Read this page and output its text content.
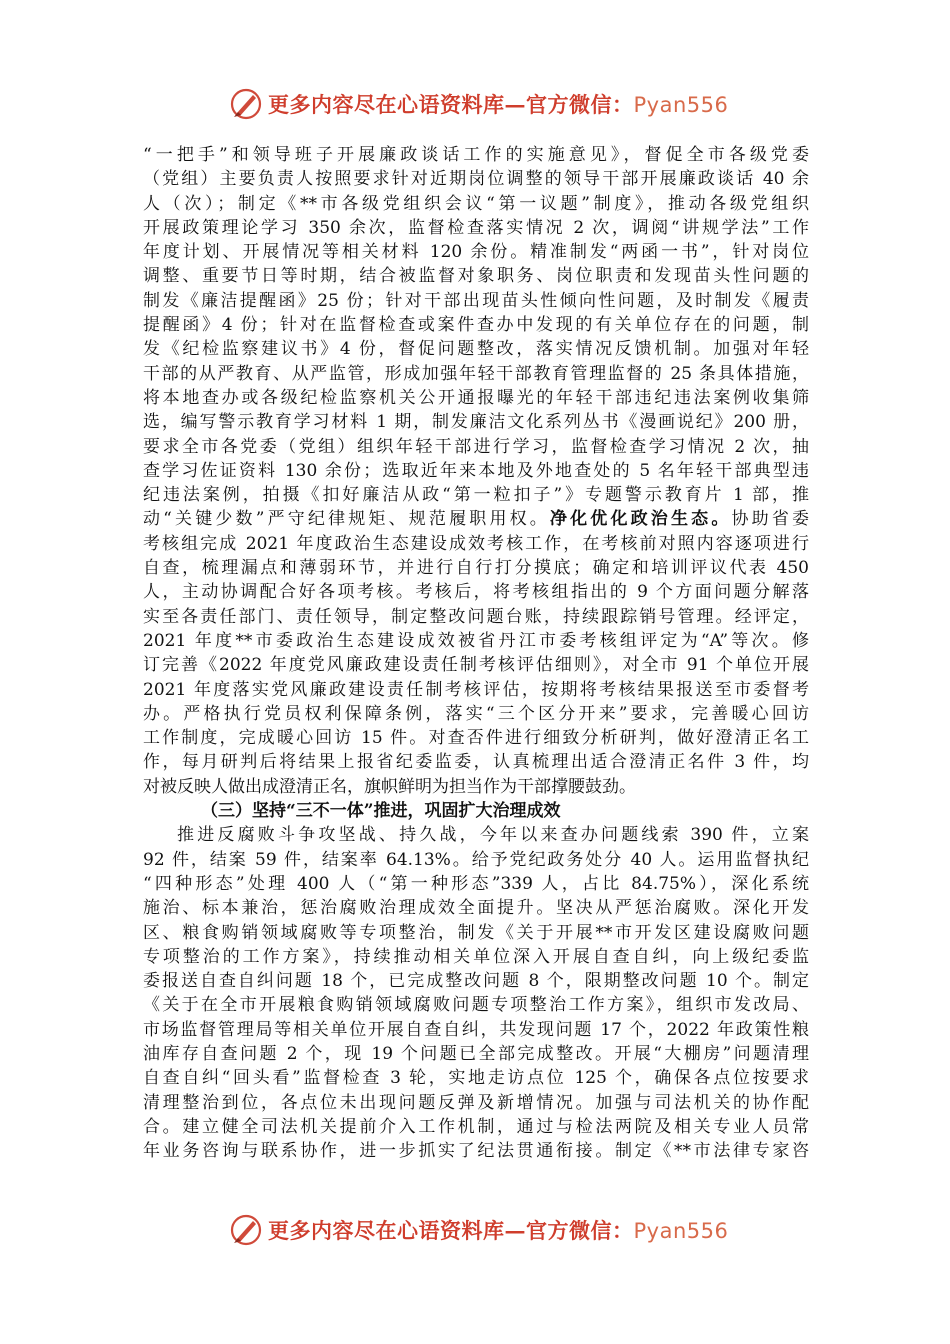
更多内容尽在心语资料库—官方微信：Pyan556
“一把手”和领导班子开展廉政谈话工作的实施意见》，督促全市各级党委
（党组）主要负责人按照要求针对近期岗位调整的领导干部开展廉政谈话 40 余
人（次）；制定《**市各级党组织会议“第一议题”制度》，推动各级党组织
开展政策理论学习 350 余次，监督检查落实情况 2 次，调阅“讲规学法”工作
年度计划、开展情况等相关材料 120 余份。精准制发“两函一书”，针对岗位
调整、重要节日等时期，结合被监督对象职务、岗位职责和发现苗头性问题的
制发《廉洁提醒函》25 份；针对干部出现苗头性倾向性问题，及时制发《履责
提醒函》4 份；针对在监督检查或案件查办中发现的有关单位存在的问题，制
发《纪检监察建议书》4 份，督促问题整改，落实情况反馈机制。加强对年轻
干部的从严教育、从严监管，形成加强年轻干部教育管理监督的 25 条具体措施，
将本地查办或各级纪检监察机关公开通报曝光的年轻干部违纪违法案例收集筛
选，编写警示教育学习材料 1 期，制发廉洁文化系列丛书《漫画说纪》200 册，
要求全市各党委（党组）组织年轻干部进行学习，监督检查学习情况 2 次，抽
查学习佐证资料 130 余份；选取近年来本地及外地查处的 5 名年轻干部典型违
纪违法案例，拍摄《扣好廉洁从政“第一粒扣子”》专题警示教育片 1 部，推
动“关键少数”严守纪律规矩、规范履职用权。净化优化政治生态。协助省委
考核组完成 2021 年度政治生态建设成效考核工作，在考核前对照内容逐项进行
自查，梳理漏点和薄弱环节，并进行自行打分摸底；确定和培训评议代表 450
人，主动协调配合好各项考核。考核后，将考核组指出的 9 个方面问题分解落
实至各责任部门、责任领导，制定整改问题台账，持续跟踪销号管理。经评定，
2021 年度**市委政治生态建设成效被省丹江市委考核组评定为“A”等次。修
订完善《2022 年度党风廉政建设责任制考核评估细则》，对全市 91 个单位开展
2021 年度落实党风廉政建设责任制考核评估，按期将考核结果报送至市委督考
办。严格执行党员权利保障条例，落实“三个区分开来”要求，完善暖心回访
工作制度，完成暖心回访 15 件。对查否件进行细致分析研判，做好澄清正名工
作，每月研判后将结果上报省纪委监委，认真梳理出适合澄清正名件 3 件，均
对被反映人做出成澄清正名，旗帜鲜明为担当作为干部撑腰鼓劲。
（三）坚持“三不一体”推进，巩固扩大治理成效
推进反腐败斗争攻坚战、持久战，今年以来查办问题线索 390 件，立案
92 件，结案 59 件，结案率 64.13%。给予党纪政务处分 40 人。运用监督执纪
“四种形态”处理 400 人（“第一种形态”339 人，占比 84.75%），深化系统
施治、标本兼治，惩治腐败治理成效全面提升。坚决从严惩治腐败。深化开发
区、粮食购销领域腐败等专项整治，制发《关于开展**市开发区建设腐败问题
专项整治的工作方案》，持续推动相关单位深入开展自查自纠，向上级纪委监
委报送自查自纠问题 18 个，已完成整改问题 8 个，限期整改问题 10 个。制定
《关于在全市开展粮食购销领域腐败问题专项整治工作方案》，组织市发改局、
市场监督管理局等相关单位开展自查自纠，共发现问题 17 个，2022 年政策性粮
油库存自查问题 2 个，现 19 个问题已全部完成整改。开展“大棚房”问题清理
自查自纠“回头看”监督检查 3 轮，实地走访点位 125 个，确保各点位按要求
清理整治到位，各点位未出现问题反弹及新增情况。加强与司法机关的协作配
合。建立健全司法机关提前介入工作机制，通过与检法两院及相关专业人员常
年业务咨询与联系协作，进一步抓实了纪法贯通衔接。制定《**市法律专家咨
更多内容尽在心语资料库—官方微信：Pyan556
